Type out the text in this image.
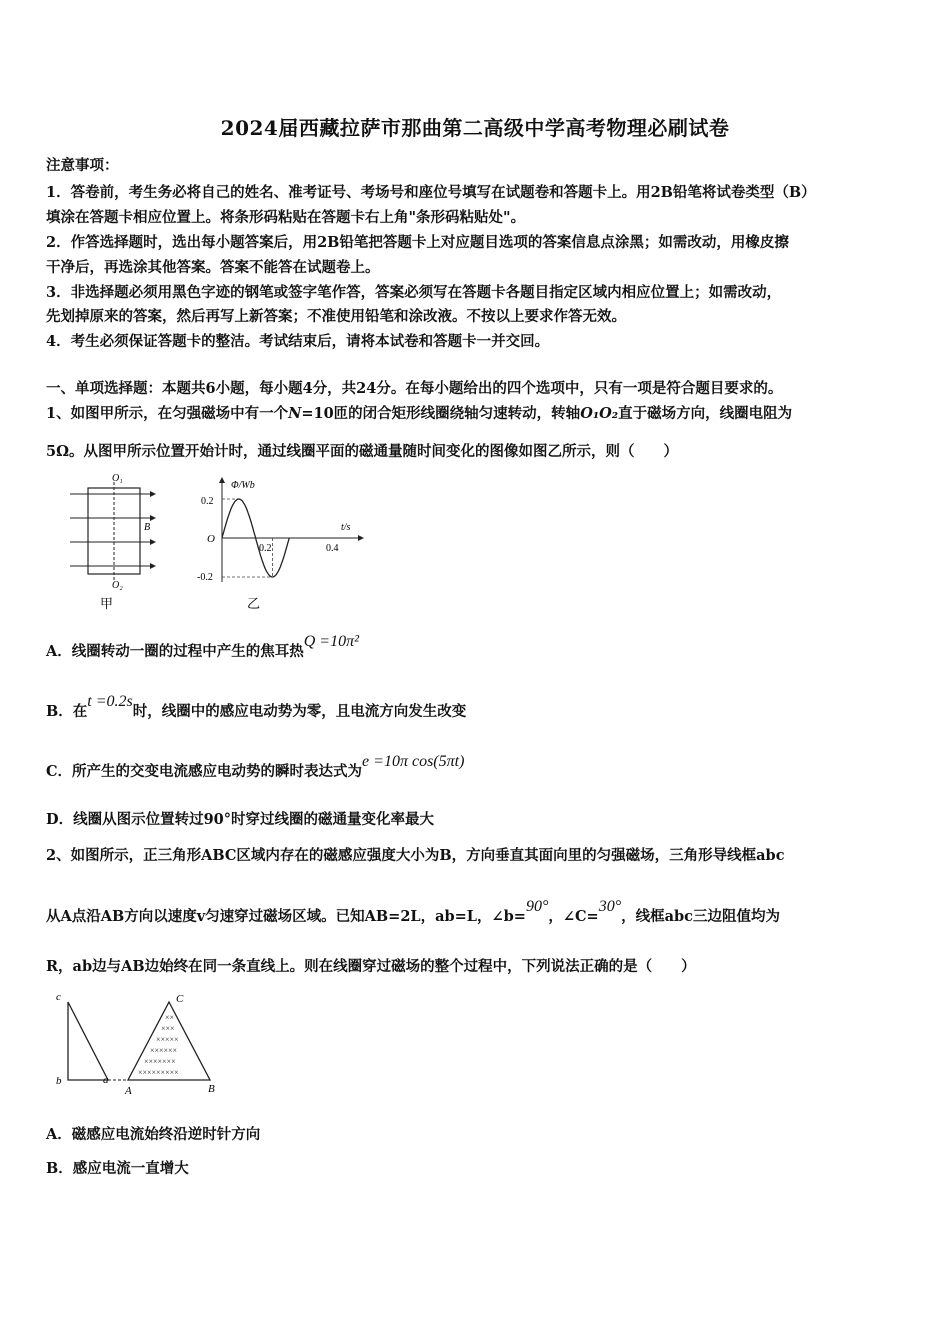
2024届西藏拉萨市那曲第二高级中学高考物理必刷试卷
注意事项：
1．答卷前，考生务必将自己的姓名、准考证号、考场号和座位号填写在试题卷和答题卡上。用2B铅笔将试卷类型（B）
填涂在答题卡相应位置上。将条形码粘贴在答题卡右上角"条形码粘贴处"。
2．作答选择题时，选出每小题答案后，用2B铅笔把答题卡上对应题目选项的答案信息点涂黑；如需改动，用橡皮擦
干净后，再选涂其他答案。答案不能答在试题卷上。
3．非选择题必须用黑色字迹的钢笔或签字笔作答，答案必须写在答题卡各题目指定区域内相应位置上；如需改动，
先划掉原来的答案，然后再写上新答案；不准使用铅笔和涂改液。不按以上要求作答无效。
4．考生必须保证答题卡的整洁。考试结束后，请将本试卷和答题卡一并交回。
一、单项选择题：本题共6小题，每小题4分，共24分。在每小题给出的四个选项中，只有一项是符合题目要求的。
1、如图甲所示，在匀强磁场中有一个N=10匝的闭合矩形线圈绕轴匀速转动，转轴O₁O₂直于磁场方向，线圈电阻为
5Ω。从图甲所示位置开始计时，通过线圈平面的磁通量随时间变化的图像如图乙所示，则（　　）
O₁
O₂
B
甲
Φ/Wb
t/s
O
0.2
-0.2
0.2	0.4
乙
A．线圈转动一圈的过程中产生的焦耳热Q =10π²
B．在t =0.2s时，线圈中的感应电动势为零，且电流方向发生改变
C．所产生的交变电流感应电动势的瞬时表达式为e =10π cos(5πt)
D．线圈从图示位置转过90°时穿过线圈的磁通量变化率最大
2、如图所示，正三角形ABC区域内存在的磁感应强度大小为B，方向垂直其面向里的匀强磁场，三角形导线框abc
从A点沿AB方向以速度v匀速穿过磁场区域。已知AB=2L，ab=L，∠b=90°，∠C=30°，线框abc三边阻值均为
R，ab边与AB边始终在同一条直线上。则在线圈穿过磁场的整个过程中，下列说法正确的是（　　）
××
×××
×××××
××××××
×××××××
×××××××××
c
b	a
A	B
C
A．磁感应电流始终沿逆时针方向
B．感应电流一直增大
